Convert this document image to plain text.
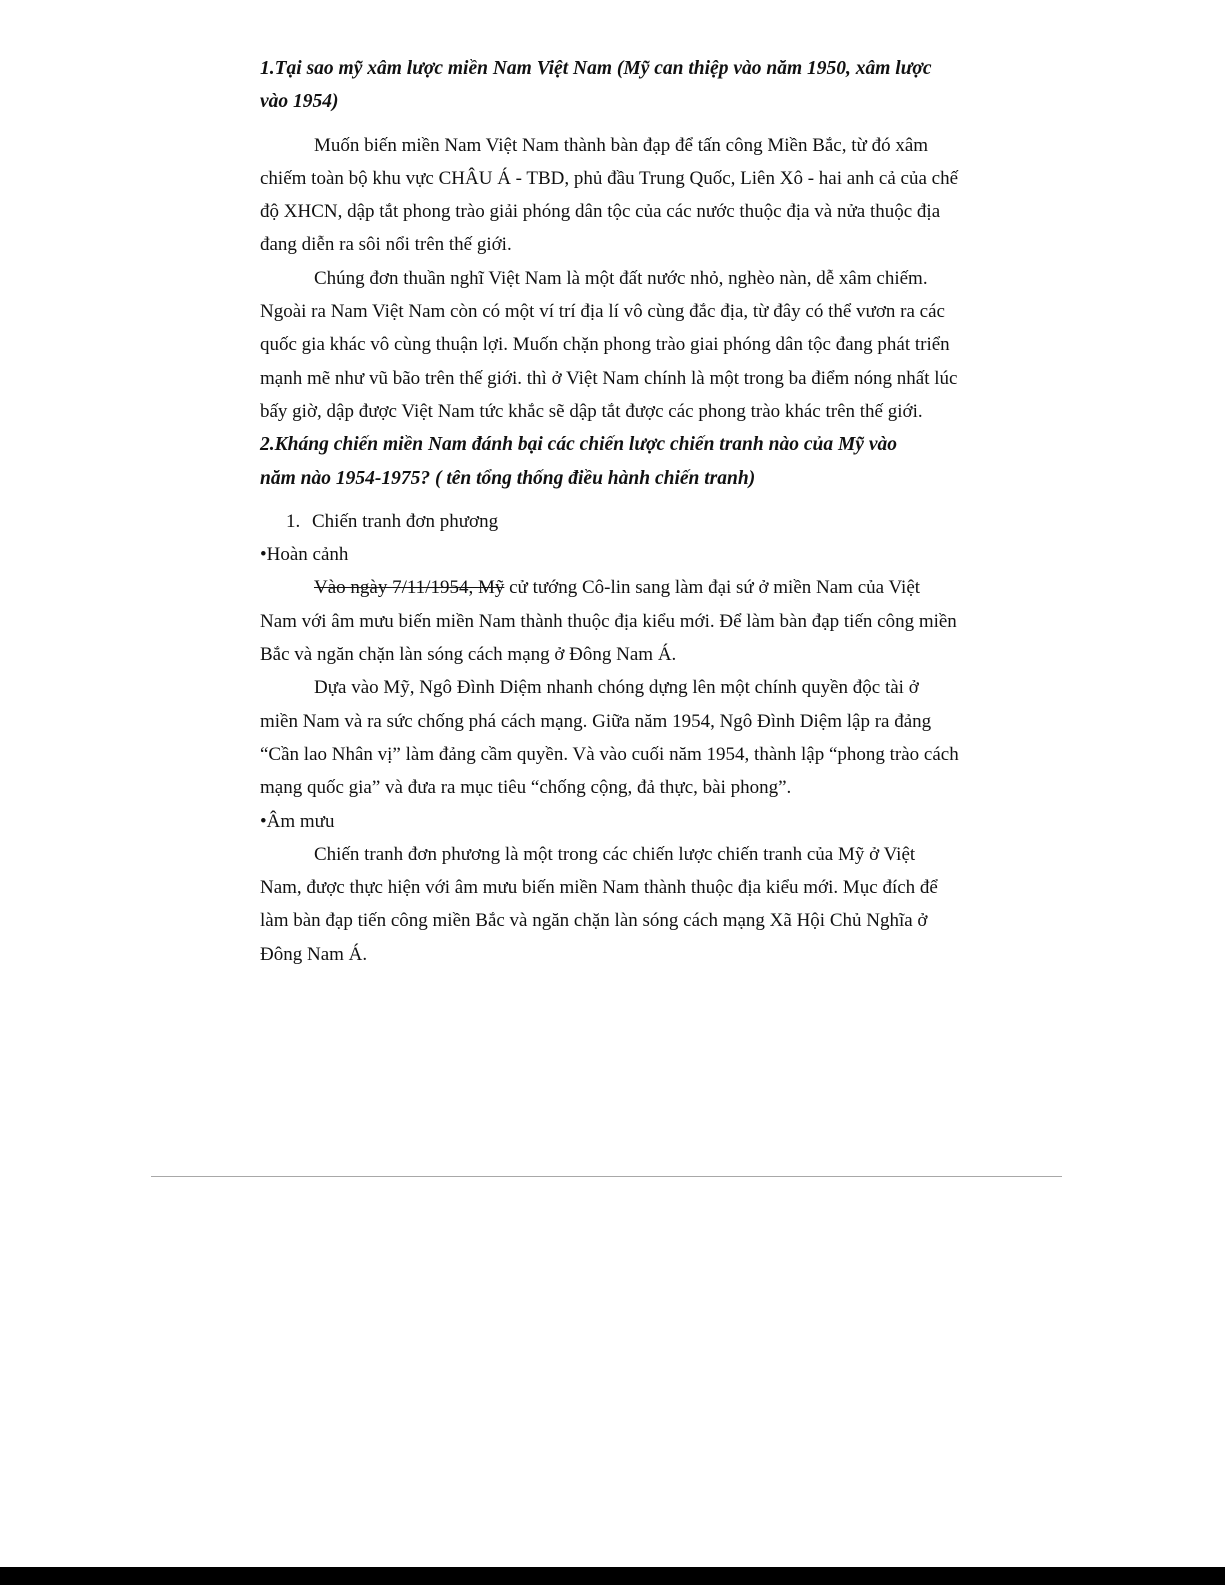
1.Tại sao mỹ xâm lược miền Nam Việt Nam (Mỹ can thiệp vào năm 1950, xâm lược vào 1954)

Muốn biến miền Nam Việt Nam thành bàn đạp để tấn công Miền Bắc, từ đó xâm chiếm toàn bộ khu vực CHÂU Á - TBD, phủ đầu Trung Quốc, Liên Xô - hai anh cả của chế độ XHCN, dập tắt phong trào giải phóng dân tộc của các nước thuộc địa và nửa thuộc địa đang diễn ra sôi nổi trên thế giới.

Chúng đơn thuần nghĩ Việt Nam là một đất nước nhỏ, nghèo nàn, dễ xâm chiếm. Ngoài ra Nam Việt Nam còn có một ví trí địa lí vô cùng đắc địa, từ đây có thể vươn ra các quốc gia khác vô cùng thuận lợi. Muốn chặn phong trào giai phóng dân tộc đang phát triển mạnh mẽ như vũ bão trên thế giới. thì ở Việt Nam chính là một trong ba điểm nóng nhất lúc bấy giờ, dập được Việt Nam tức khắc sẽ dập tắt được các phong trào khác trên thế giới.

2.Kháng chiến miền Nam đánh bại các chiến lược chiến tranh nào của Mỹ vào
năm nào 1954-1975? ( tên tổng thống điều hành chiến tranh)

1. Chiến tranh đơn phương

•Hoàn cảnh

Vào ngày 7/11/1954, Mỹ cử tướng Cô-lin sang làm đại sứ ở miền Nam của Việt Nam với âm mưu biến miền Nam thành thuộc địa kiểu mới. Để làm bàn đạp tiến công miền Bắc và ngăn chặn làn sóng cách mạng ở Đông Nam Á.

Dựa vào Mỹ, Ngô Đình Diệm nhanh chóng dựng lên một chính quyền độc tài ở miền Nam và ra sức chống phá cách mạng. Giữa năm 1954, Ngô Đình Diệm lập ra đảng “Cần lao Nhân vị” làm đảng cầm quyền. Và vào cuối năm 1954, thành lập “phong trào cách mạng quốc gia” và đưa ra mục tiêu “chống cộng, đả thực, bài phong”.

•Âm mưu

Chiến tranh đơn phương là một trong các chiến lược chiến tranh của Mỹ ở Việt Nam, được thực hiện với âm mưu biến miền Nam thành thuộc địa kiểu mới. Mục đích để làm bàn đạp tiến công miền Bắc và ngăn chặn làn sóng cách mạng Xã Hội Chủ Nghĩa ở Đông Nam Á.
